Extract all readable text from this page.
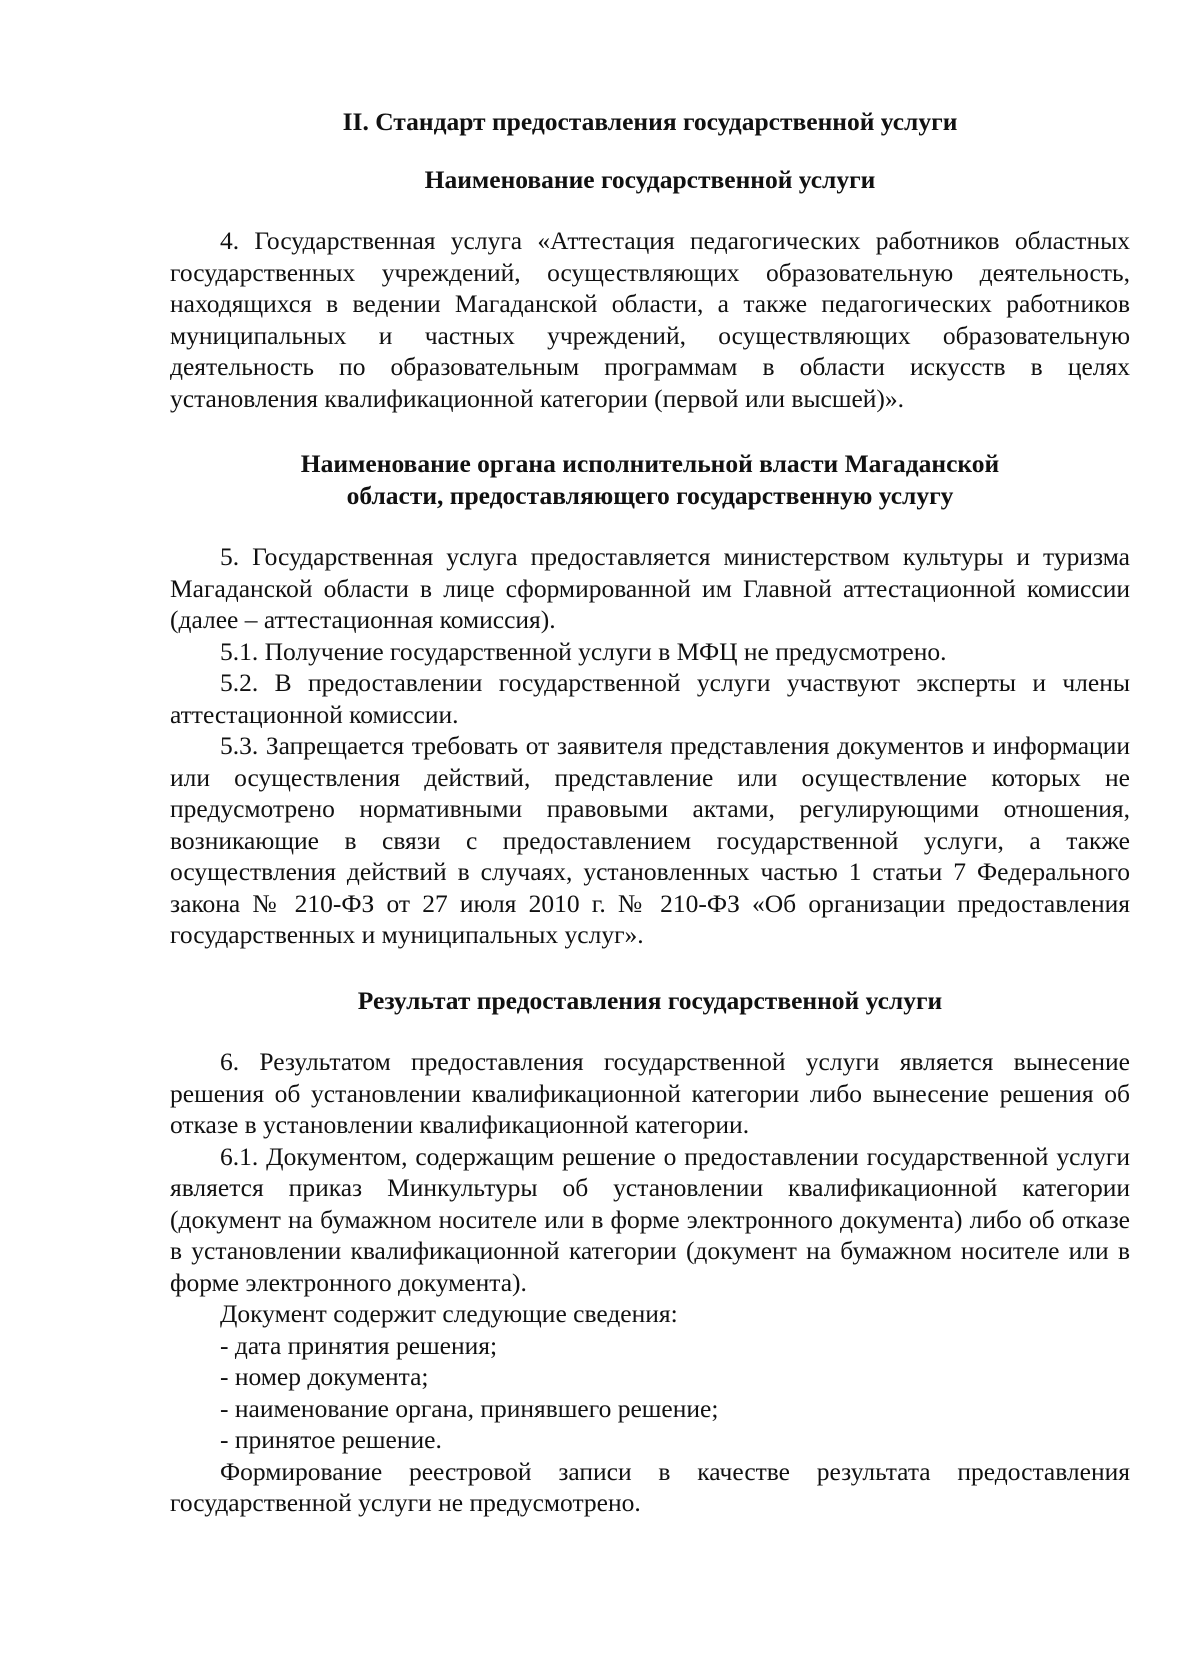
II. Стандарт предоставления государственной услуги
Наименование государственной услуги

4. Государственная услуга «Аттестация педагогических работников областных государственных учреждений, осуществляющих образовательную деятельность, находящихся в ведении Магаданской области, а также педагогических работников муниципальных и частных учреждений, осуществляющих образовательную деятельность по образовательным программам в области искусств в целях установления квалификационной категории (первой или высшей)».

Наименование органа исполнительной власти Магаданской
области, предоставляющего государственную услугу

5. Государственная услуга предоставляется министерством культуры и туризма Магаданской области в лице сформированной им Главной аттестационной комиссии (далее – аттестационная комиссия).

5.1. Получение государственной услуги в МФЦ не предусмотрено.

5.2. В предоставлении государственной услуги участвуют эксперты и члены аттестационной комиссии.

5.3. Запрещается требовать от заявителя представления документов и информации или осуществления действий, представление или осуществление которых не предусмотрено нормативными правовыми актами, регулирующими отношения, возникающие в связи с предоставлением государственной услуги, а также осуществления действий в случаях, установленных частью 1 статьи 7 Федерального закона № 210-ФЗ от 27 июля 2010 г. № 210-ФЗ «Об организации предоставления государственных и муниципальных услуг».

Результат предоставления государственной услуги

6. Результатом предоставления государственной услуги является вынесение решения об установлении квалификационной категории либо вынесение решения об отказе в установлении квалификационной категории.

6.1. Документом, содержащим решение о предоставлении государственной услуги является приказ Минкультуры об установлении квалификационной категории (документ на бумажном носителе или в форме электронного документа) либо об отказе в установлении квалификационной категории (документ на бумажном носителе или в форме электронного документа).

Документ содержит следующие сведения:

- дата принятия решения;

- номер документа;

- наименование органа, принявшего решение;

- принятое решение.

Формирование реестровой записи в качестве результата предоставления государственной услуги не предусмотрено.
